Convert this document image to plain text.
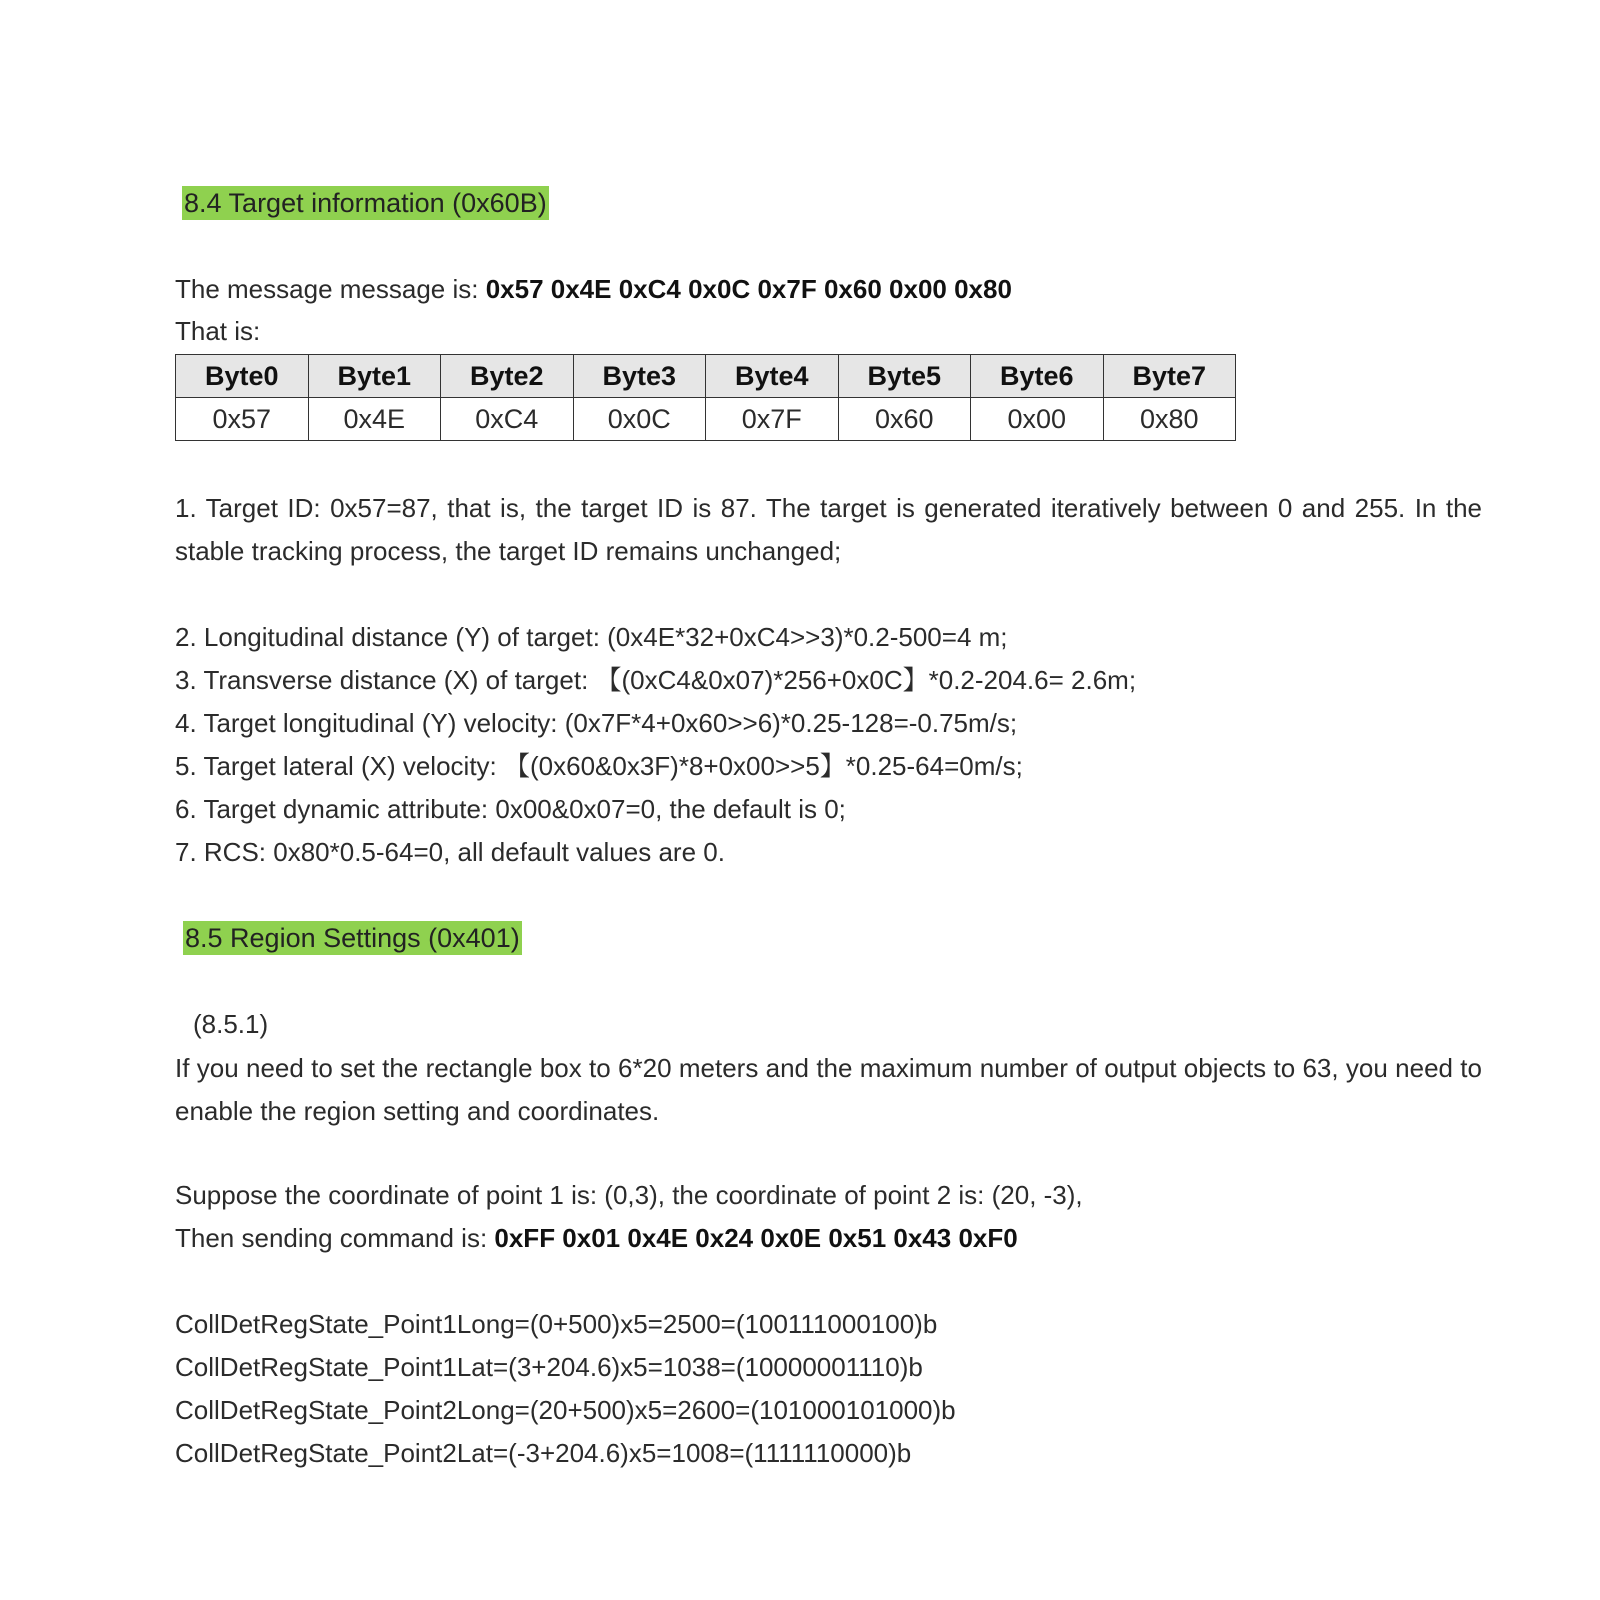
8.4 Target information (0x60B)
The message message is: 0x57 0x4E 0xC4 0x0C 0x7F 0x60 0x00 0x80
That is:
Byte0	Byte1	Byte2	Byte3	Byte4	Byte5	Byte6	Byte7
0x57	0x4E	0xC4	0x0C	0x7F	0x60	0x00	0x80
1. Target ID: 0x57=87, that is, the target ID is 87. The target is generated iteratively between 0 and 255. In the stable tracking process, the target ID remains unchanged;
2. Longitudinal distance (Y) of target: (0x4E*32+0xC4>>3)*0.2-500=4 m;
3. Transverse distance (X) of target: 【(0xC4&0x07)*256+0x0C】*0.2-204.6= 2.6m;
4. Target longitudinal (Y) velocity: (0x7F*4+0x60>>6)*0.25-128=-0.75m/s;
5. Target lateral (X) velocity: 【(0x60&0x3F)*8+0x00>>5】*0.25-64=0m/s;
6. Target dynamic attribute: 0x00&0x07=0, the default is 0;
7. RCS: 0x80*0.5-64=0, all default values are 0.
8.5 Region Settings (0x401)
(8.5.1)
If you need to set the rectangle box to 6*20 meters and the maximum number of output objects to 63, you need to enable the region setting and coordinates.
Suppose the coordinate of point 1 is: (0,3), the coordinate of point 2 is: (20, -3),
Then sending command is: 0xFF 0x01 0x4E 0x24 0x0E 0x51 0x43 0xF0
CollDetRegState_Point1Long=(0+500)x5=2500=(100111000100)b
CollDetRegState_Point1Lat=(3+204.6)x5=1038=(10000001110)b
CollDetRegState_Point2Long=(20+500)x5=2600=(101000101000)b
CollDetRegState_Point2Lat=(-3+204.6)x5=1008=(1111110000)b
